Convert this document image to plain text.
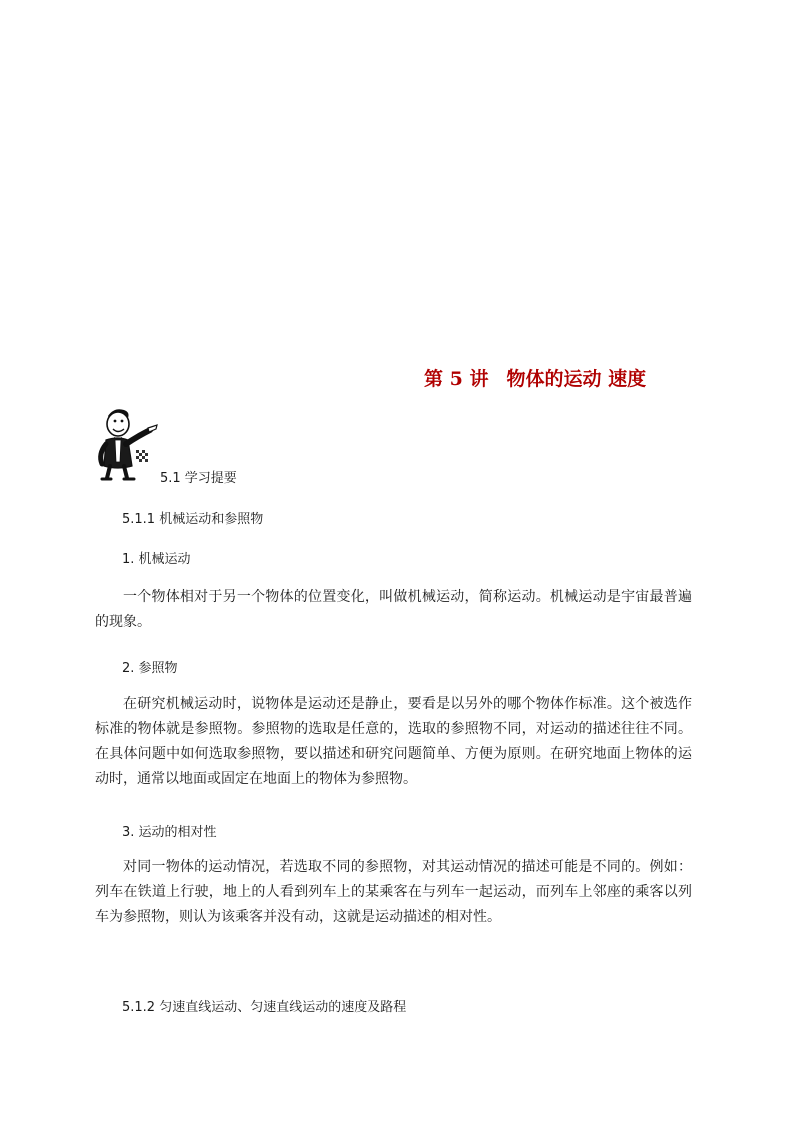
第 5 讲 物体的运动 速度
5.1 学习提要
5.1.1 机械运动和参照物
1. 机械运动
一个物体相对于另一个物体的位置变化，叫做机械运动，简称运动。机械运动是宇宙最普遍的现象。
2. 参照物
在研究机械运动时，说物体是运动还是静止，要看是以另外的哪个物体作标准。这个被选作标准的物体就是参照物。参照物的选取是任意的，选取的参照物不同，对运动的描述往往不同。在具体问题中如何选取参照物，要以描述和研究问题简单、方便为原则。在研究地面上物体的运动时，通常以地面或固定在地面上的物体为参照物。
3. 运动的相对性
对同一物体的运动情况，若选取不同的参照物，对其运动情况的描述可能是不同的。例如：列车在铁道上行驶，地上的人看到列车上的某乘客在与列车一起运动，而列车上邻座的乘客以列车为参照物，则认为该乘客并没有动，这就是运动描述的相对性。
5.1.2 匀速直线运动、匀速直线运动的速度及路程
